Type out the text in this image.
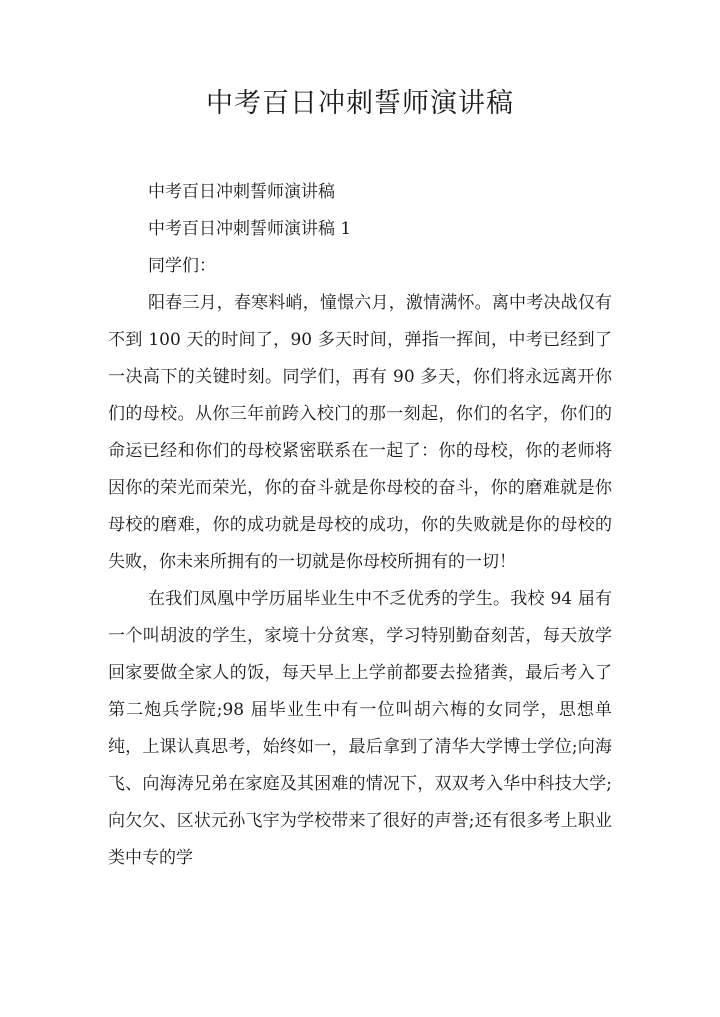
中考百日冲刺誓师演讲稿

中考百日冲刺誓师演讲稿

中考百日冲刺誓师演讲稿 1

同学们：

阳春三月，春寒料峭，憧憬六月，激情满怀。离中考决战仅有不到 100 天的时间了，90 多天时间，弹指一挥间，中考已经到了一决高下的关键时刻。同学们，再有 90 多天，你们将永远离开你们的母校。从你三年前跨入校门的那一刻起，你们的名字，你们的命运已经和你们的母校紧密联系在一起了：你的母校，你的老师将因你的荣光而荣光，你的奋斗就是你母校的奋斗，你的磨难就是你母校的磨难，你的成功就是母校的成功，你的失败就是你的母校的失败，你未来所拥有的一切就是你母校所拥有的一切！

在我们凤凰中学历届毕业生中不乏优秀的学生。我校 94 届有一个叫胡波的学生，家境十分贫寒，学习特别勤奋刻苦，每天放学回家要做全家人的饭，每天早上上学前都要去捡猪粪，最后考入了第二炮兵学院;98 届毕业生中有一位叫胡六梅的女同学，思想单纯，上课认真思考，始终如一，最后拿到了清华大学博士学位;向海飞、向海涛兄弟在家庭及其困难的情况下，双双考入华中科技大学;向欠欠、区状元孙飞宇为学校带来了很好的声誉;还有很多考上职业类中专的学
